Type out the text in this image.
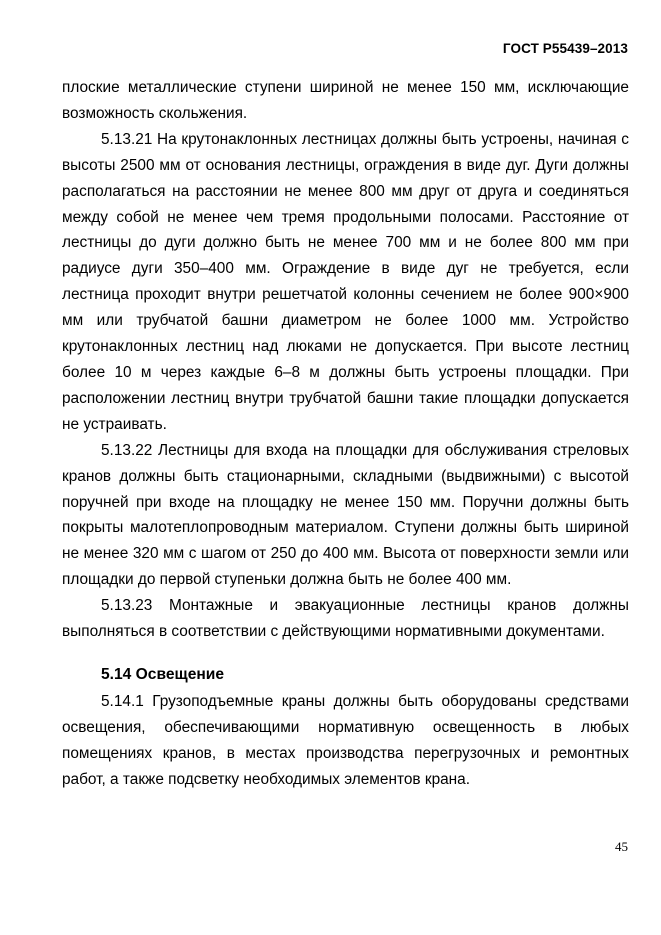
ГОСТ Р55439–2013

плоские металлические ступени шириной не менее 150 мм, исключающие возможность скольжения.

5.13.21 На крутонаклонных лестницах должны быть устроены, начиная с высоты 2500 мм от основания лестницы, ограждения в виде дуг. Дуги должны располагаться на расстоянии не менее 800 мм друг от друга и соединяться между собой не менее чем тремя продольными полосами. Расстояние от лестницы до дуги должно быть не менее 700 мм и не более 800 мм при радиусе дуги 350–400 мм. Ограждение в виде дуг не требуется, если лестница проходит внутри решетчатой колонны сечением не более 900×900 мм или трубчатой башни диаметром не более 1000 мм. Устройство крутонаклонных лестниц над люками не допускается. При высоте лестниц более 10 м через каждые 6–8 м должны быть устроены площадки. При расположении лестниц внутри трубчатой башни такие площадки допускается не устраивать.

5.13.22 Лестницы для входа на площадки для обслуживания стреловых кранов должны быть стационарными, складными (выдвижными) с высотой поручней при входе на площадку не менее 150 мм. Поручни должны быть покрыты малотеплопроводным материалом. Ступени должны быть шириной не менее 320 мм с шагом от 250 до 400 мм. Высота от поверхности земли или площадки до первой ступеньки должна быть не более 400 мм.

5.13.23 Монтажные и эвакуационные лестницы кранов должны выполняться в соответствии с действующими нормативными документами.

5.14 Освещение

5.14.1 Грузоподъемные краны должны быть оборудованы средствами освещения, обеспечивающими нормативную освещенность в любых помещениях кранов, в местах производства перегрузочных и ремонтных работ, а также подсветку необходимых элементов крана.

45
